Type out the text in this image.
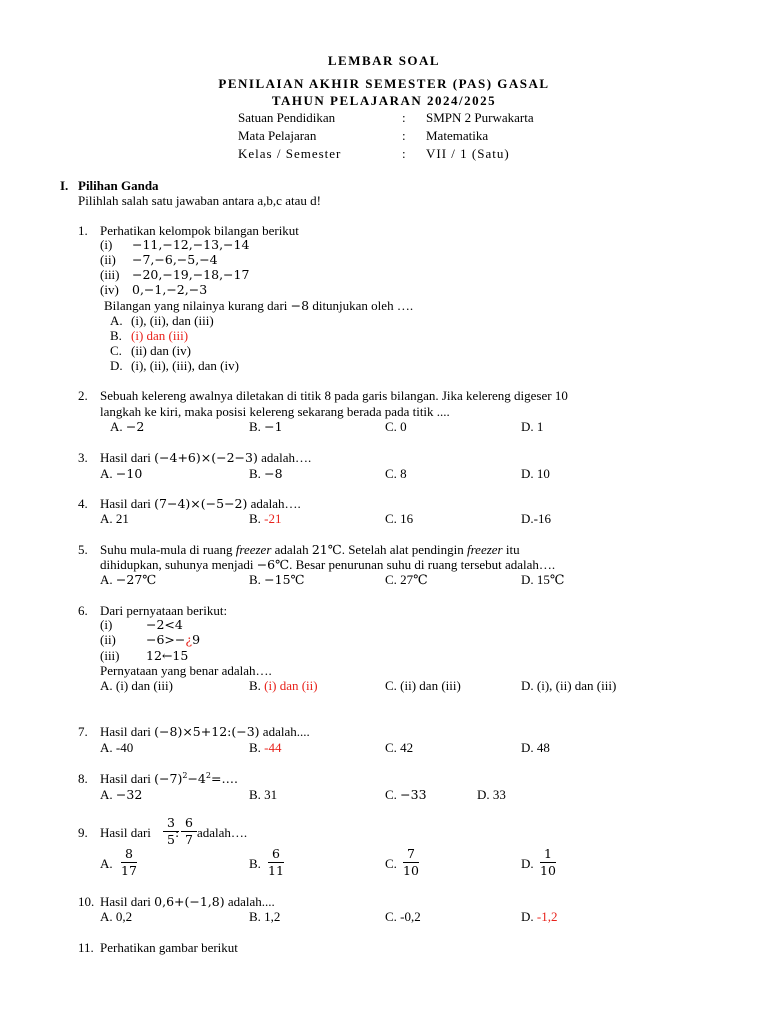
LEMBAR SOAL
PENILAIAN AKHIR SEMESTER (PAS) GASAL
TAHUN PELAJARAN 2024/2025
Satuan Pendidikan	: SMPN 2 Purwakarta
Mata Pelajaran	: Matematika
Kelas / Semester	: VII / 1 (Satu)
I. Pilihan Ganda
Pilihlah salah satu jawaban antara a,b,c atau d!
1. Perhatikan kelompok bilangan berikut
(i) −11,−12,−13,−14
(ii) −7,−6,−5,−4
(iii) −20,−19,−18,−17
(iv) 0,−1,−2,−3
Bilangan yang nilainya kurang dari −8 ditunjukan oleh ….
A. (i), (ii), dan (iii)
B. (i) dan (iii)
C. (ii) dan (iv)
D. (i), (ii), (iii), dan (iv)
2. Sebuah kelereng awalnya diletakan di titik 8 pada garis bilangan. Jika kelereng digeser 10
langkah ke kiri, maka posisi kelereng sekarang berada pada titik ....
A. −2	B. −1	C. 0	D. 1
3. Hasil dari (−4+6)×(−2−3) adalah….
A. −10	B. −8	C. 8	D. 10
4. Hasil dari (7−4)×(−5−2) adalah….
A. 21	B. -21	C. 16	D.-16
5. Suhu mula-mula di ruang freezer adalah 21℃. Setelah alat pendingin freezer itu
dihidupkan, suhunya menjadi −6℃. Besar penurunan suhu di ruang tersebut adalah….
A. −27℃	B. −15℃	C. 27℃	D. 15℃
6. Dari pernyataan berikut:
(i)	−2<4
(ii) −6>−¿9
(iii) 12←15
Pernyataan yang benar adalah….
A. (i) dan (iii)	B. (i) dan (ii)	C. (ii) dan (iii)	D. (i), (ii) dan (iii)
7. Hasil dari (−8)×5+12:(−3) adalah....
A. -40	B. -44	C. 42	D. 48
8. Hasil dari $(-7)^2-4^2=\dots$.
A. −32	B. 31	C. −33	D. 33
9. Hasil dari
3
5 :
6
7 adalah….
A.
8
17	B.
6
11	C.
7
10	D.
1
10
10. Hasil dari 0,6+(−1,8) adalah....
A. 0,2	B. 1,2	C. -0,2	D. -1,2
11. Perhatikan gambar berikut
